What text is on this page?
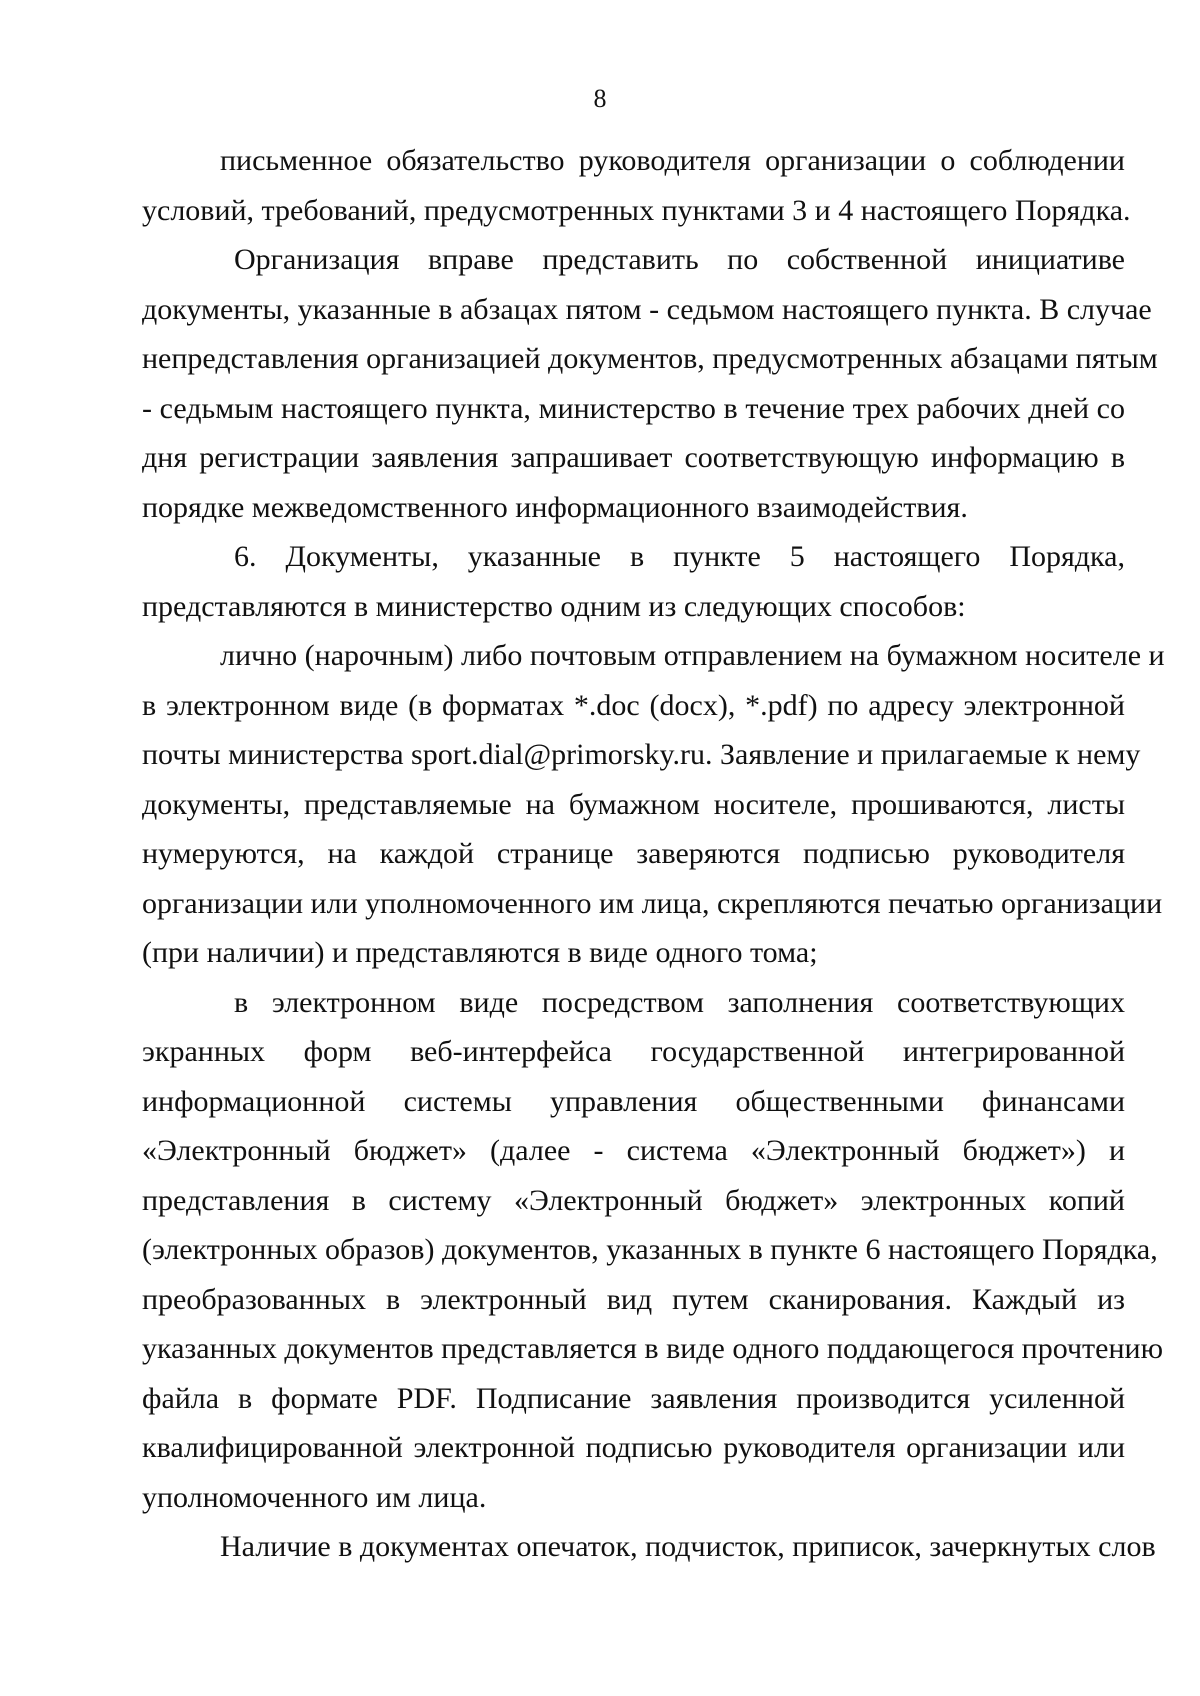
8
письменное обязательство руководителя организации о соблюдении
условий, требований, предусмотренных пунктами 3 и 4 настоящего Порядка.
Организация вправе представить по собственной инициативе
документы, указанные в абзацах пятом - седьмом настоящего пункта. В случае
непредставления организацией документов, предусмотренных абзацами пятым
- седьмым настоящего пункта, министерство в течение трех рабочих дней со
дня регистрации заявления запрашивает соответствующую информацию в
порядке межведомственного информационного взаимодействия.
6. Документы, указанные в пункте 5 настоящего Порядка,
представляются в министерство одним из следующих способов:
лично (нарочным) либо почтовым отправлением на бумажном носителе и
в электронном виде (в форматах *.doc (docx), *.pdf) по адресу электронной
почты министерства sport.dial@primorsky.ru. Заявление и прилагаемые к нему
документы, представляемые на бумажном носителе, прошиваются, листы
нумеруются, на каждой странице заверяются подписью руководителя
организации или уполномоченного им лица, скрепляются печатью организации
(при наличии) и представляются в виде одного тома;
в электронном виде посредством заполнения соответствующих
экранных форм веб-интерфейса государственной интегрированной
информационной системы управления общественными финансами
«Электронный бюджет» (далее - система «Электронный бюджет») и
представления в систему «Электронный бюджет» электронных копий
(электронных образов) документов, указанных в пункте 6 настоящего Порядка,
преобразованных в электронный вид путем сканирования. Каждый из
указанных документов представляется в виде одного поддающегося прочтению
файла в формате PDF. Подписание заявления производится усиленной
квалифицированной электронной подписью руководителя организации или
уполномоченного им лица.
Наличие в документах опечаток, подчисток, приписок, зачеркнутых слов
